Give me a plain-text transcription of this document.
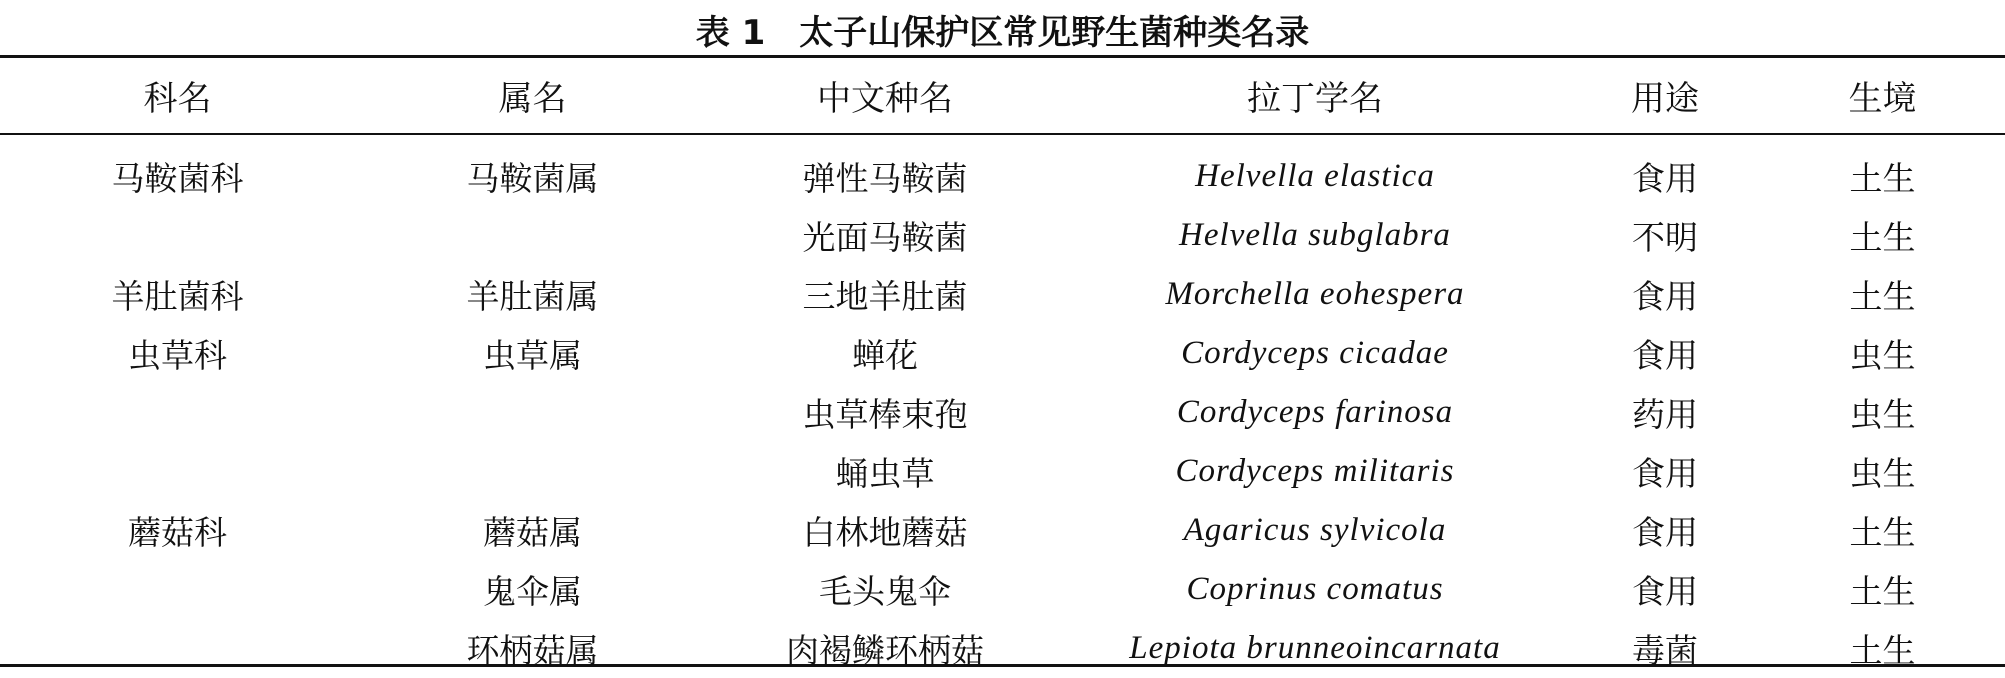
表 1 太子山保护区常见野生菌种类名录
科名	属名	中文种名	拉丁学名	用途	生境
马鞍菌科	马鞍菌属	弹性马鞍菌	Helvella elastica	食用	土生
		光面马鞍菌	Helvella subglabra	不明	土生
羊肚菌科	羊肚菌属	三地羊肚菌	Morchella eohespera	食用	土生
虫草科	虫草属	蝉花	Cordyceps cicadae	食用	虫生
		虫草棒束孢	Cordyceps farinosa	药用	虫生
		蛹虫草	Cordyceps militaris	食用	虫生
蘑菇科	蘑菇属	白林地蘑菇	Agaricus sylvicola	食用	土生
	鬼伞属	毛头鬼伞	Coprinus comatus	食用	土生
	环柄菇属	肉褐鳞环柄菇	Lepiota brunneoincarnata	毒菌	土生
